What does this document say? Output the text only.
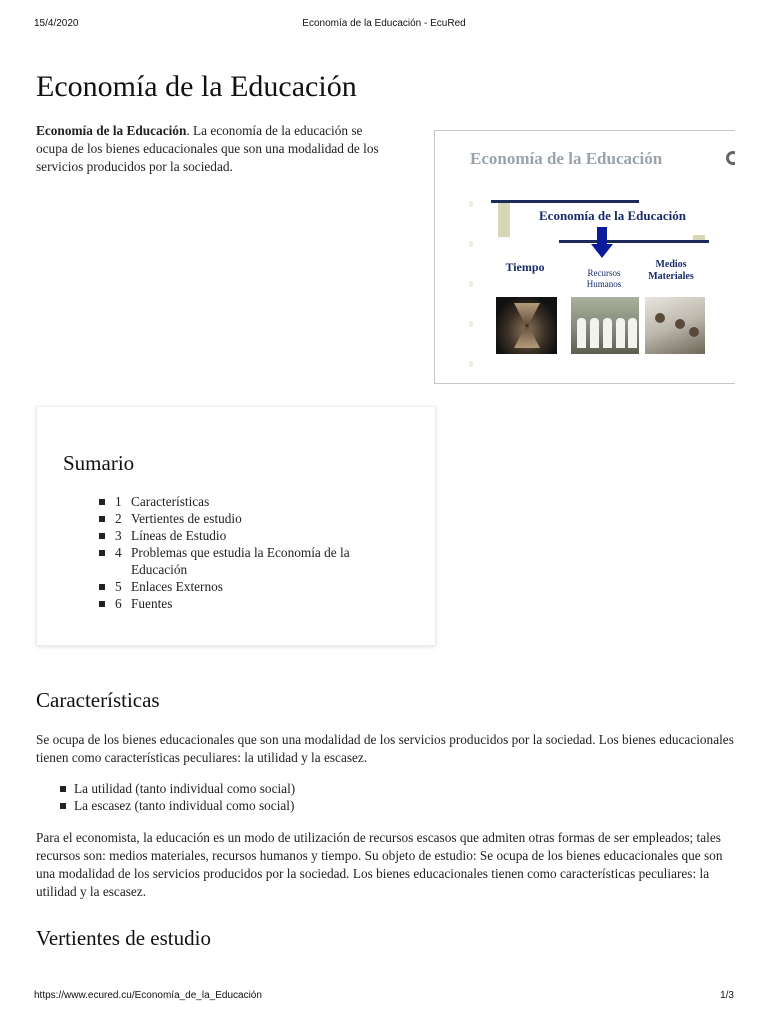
15/4/2020	Economía de la Educación - EcuRed
Economía de la Educación

Economía de la Educación. La economía de la educación se ocupa de los bienes educacionales que son una modalidad de los servicios producidos por la sociedad.	Economía de la Educación
Economía de la Educación
Tiempo	Recursos Humanos
Medios Materiales
Sumario
1 Características
2 Vertientes de estudio
3 Líneas de Estudio
4 Problemas que estudia la Economía de la Educación
5 Enlaces Externos
6 Fuentes
Características

Se ocupa de los bienes educacionales que son una modalidad de los servicios producidos por la sociedad. Los bienes educacionales tienen como características peculiares: la utilidad y la escasez.

La utilidad (tanto individual como social)
La escasez (tanto individual como social)

Para el economista, la educación es un modo de utilización de recursos escasos que admiten otras formas de ser empleados; tales recursos son: medios materiales, recursos humanos y tiempo. Su objeto de estudio: Se ocupa de los bienes educacionales que son una modalidad de los servicios producidos por la sociedad. Los bienes educacionales tienen como características peculiares: la utilidad y la escasez.

Vertientes de estudio
https://www.ecured.cu/Economía_de_la_Educación	1/3
